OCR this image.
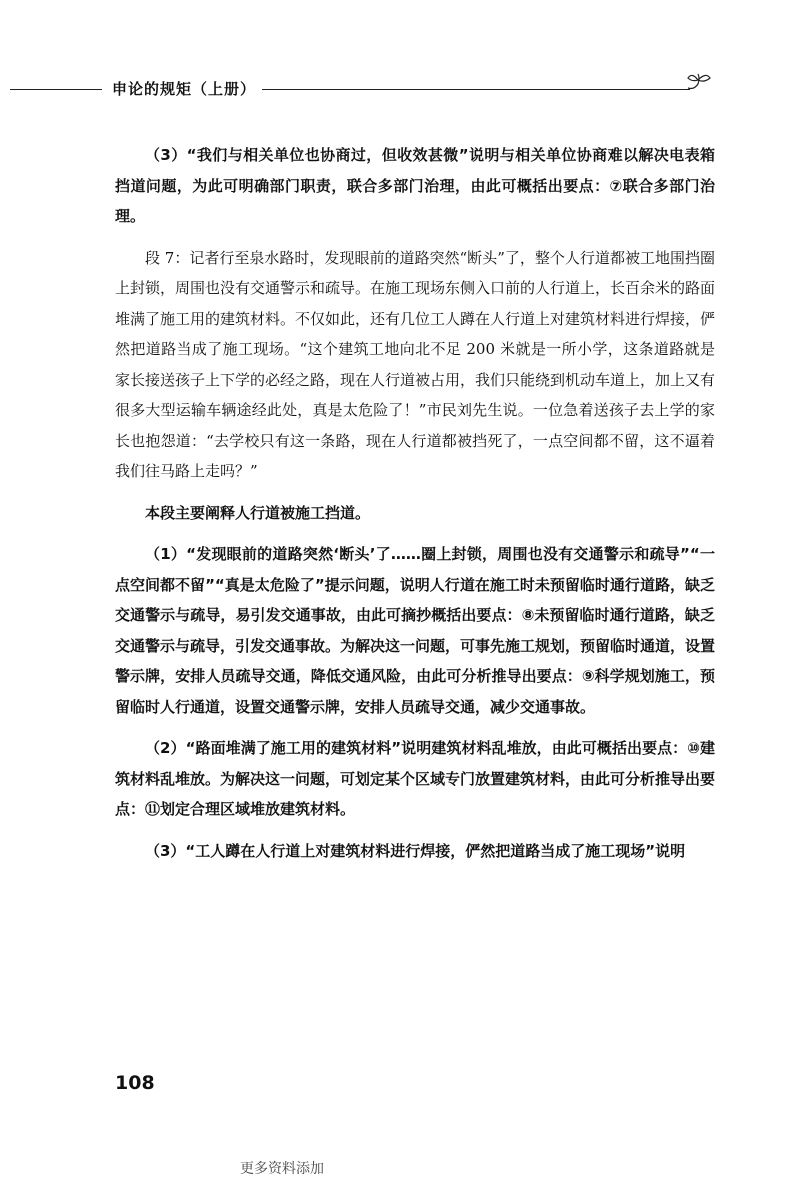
申论的规矩（上册）

（3）“我们与相关单位也协商过，但收效甚微”说明与相关单位协商难以解决电表箱挡道问题，为此可明确部门职责，联合多部门治理，由此可概括出要点：⑦联合多部门治理。

段 7：记者行至泉水路时，发现眼前的道路突然“断头”了，整个人行道都被工地围挡圈上封锁，周围也没有交通警示和疏导。在施工现场东侧入口前的人行道上，长百余米的路面堆满了施工用的建筑材料。不仅如此，还有几位工人蹲在人行道上对建筑材料进行焊接，俨然把道路当成了施工现场。“这个建筑工地向北不足 200 米就是一所小学，这条道路就是家长接送孩子上下学的必经之路，现在人行道被占用，我们只能绕到机动车道上，加上又有很多大型运输车辆途经此处，真是太危险了！”市民刘先生说。一位急着送孩子去上学的家长也抱怨道：“去学校只有这一条路，现在人行道都被挡死了，一点空间都不留，这不逼着我们往马路上走吗？”

本段主要阐释人行道被施工挡道。

（1）“发现眼前的道路突然‘断头’了……圈上封锁，周围也没有交通警示和疏导”“一点空间都不留”“真是太危险了”提示问题，说明人行道在施工时未预留临时通行道路，缺乏交通警示与疏导，易引发交通事故，由此可摘抄概括出要点：⑧未预留临时通行道路，缺乏交通警示与疏导，引发交通事故。为解决这一问题，可事先施工规划，预留临时通道，设置警示牌，安排人员疏导交通，降低交通风险，由此可分析推导出要点：⑨科学规划施工，预留临时人行通道，设置交通警示牌，安排人员疏导交通，减少交通事故。

（2）“路面堆满了施工用的建筑材料”说明建筑材料乱堆放，由此可概括出要点：⑩建筑材料乱堆放。为解决这一问题，可划定某个区域专门放置建筑材料，由此可分析推导出要点：⑪划定合理区域堆放建筑材料。

（3）“工人蹲在人行道上对建筑材料进行焊接，俨然把道路当成了施工现场”说明

108
更多资料添加
